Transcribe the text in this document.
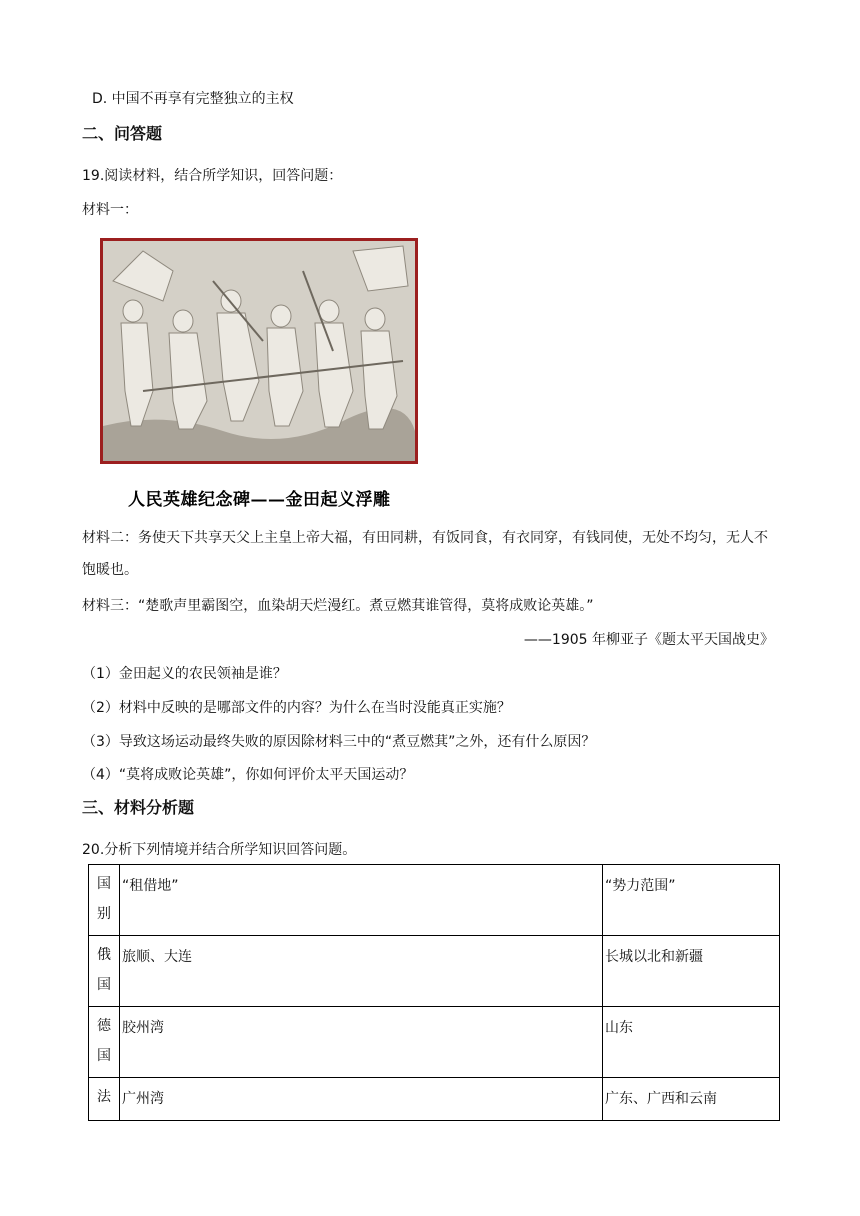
D. 中国不再享有完整独立的主权
二、问答题
19.阅读材料，结合所学知识，回答问题：
材料一：
人民英雄纪念碑——金田起义浮雕
材料二：务使天下共享天父上主皇上帝大福，有田同耕，有饭同食，有衣同穿，有钱同使，无处不均匀，无人不饱暖也。
材料三：“楚歌声里霸图空，血染胡天烂漫红。煮豆燃萁谁管得，莫将成败论英雄。”
——1905 年柳亚子《题太平天国战史》
（1）金田起义的农民领袖是谁？
（2）材料中反映的是哪部文件的内容？为什么在当时没能真正实施？
（3）导致这场运动最终失败的原因除材料三中的“煮豆燃萁”之外，还有什么原因？
（4）“莫将成败论英雄”，你如何评价太平天国运动？
三、材料分析题
20.分析下列情境并结合所学知识回答问题。
国别	“租借地”	“势力范围”
俄国	旅顺、大连	长城以北和新疆
德国	胶州湾	山东
法	广州湾	广东、广西和云南
